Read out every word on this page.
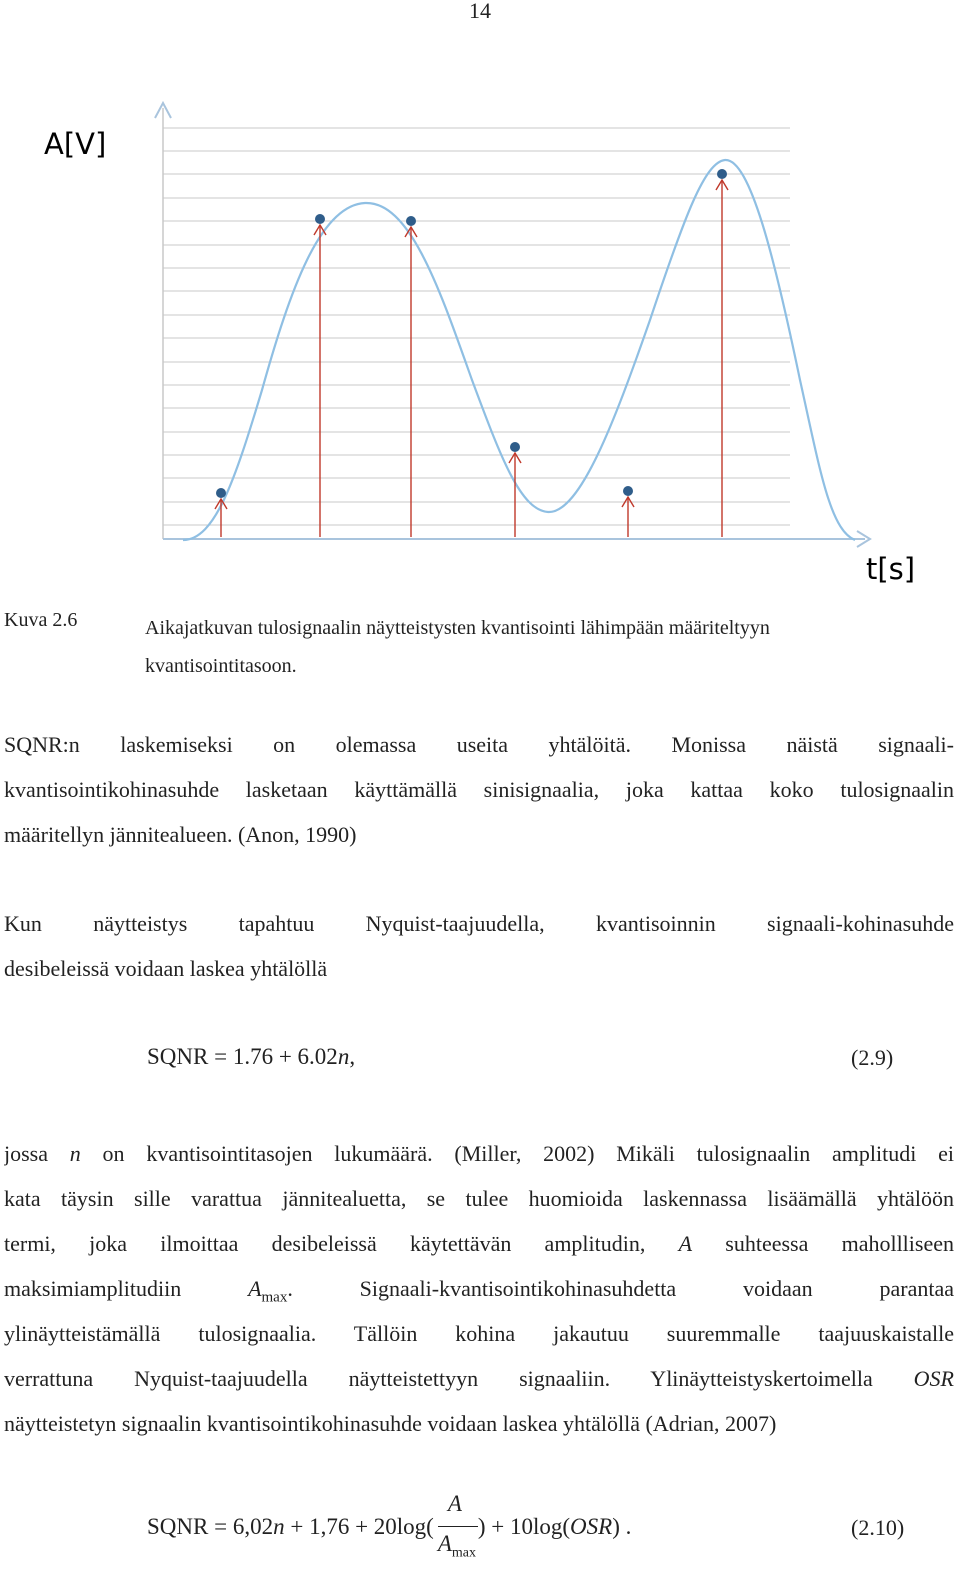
14
A[V]
t[s]
Kuva 2.6	Aikajatkuvan tulosignaalin näytteistysten kvantisointi lähimpään määriteltyyn kvantisointitasoon.
SQNR:n laskemiseksi on olemassa useita yhtälöitä. Monissa näistä signaali-
kvantisointikohinasuhde lasketaan käyttämällä sinisignaalia, joka kattaa koko tulosignaalin
määritellyn jännitealueen. (Anon, 1990)
Kun näytteistys tapahtuu Nyquist-taajuudella, kvantisoinnin signaali-kohinasuhde
desibeleissä voidaan laskea yhtälöllä
SQNR = 1.76 + 6.02n,	(2.9)
jossa n on kvantisointitasojen lukumäärä. (Miller, 2002) Mikäli tulosignaalin amplitudi ei
kata täysin sille varattua jännitealuetta, se tulee huomioida laskennassa lisäämällä yhtälöön
termi, joka ilmoittaa desibeleissä käytettävän amplitudin, A suhteessa mahollliseen
maksimiamplitudiin $A_{max}$. Signaali-kvantisointikohinasuhdetta voidaan parantaa
ylinäytteistämällä tulosignaalia. Tällöin kohina jakautuu suuremmalle taajuuskaistalle
verrattuna Nyquist-taajuudella näytteistettyyn signaaliin. Ylinäytteistyskertoimella OSR
näytteistetyn signaalin kvantisointikohinasuhde voidaan laskea yhtälöllä (Adrian, 2007)
SQNR = 6,02n + 1,76 + 20log(
$\frac{A}{A_{max}}$
) + 10log(OSR) .	(2.10)
